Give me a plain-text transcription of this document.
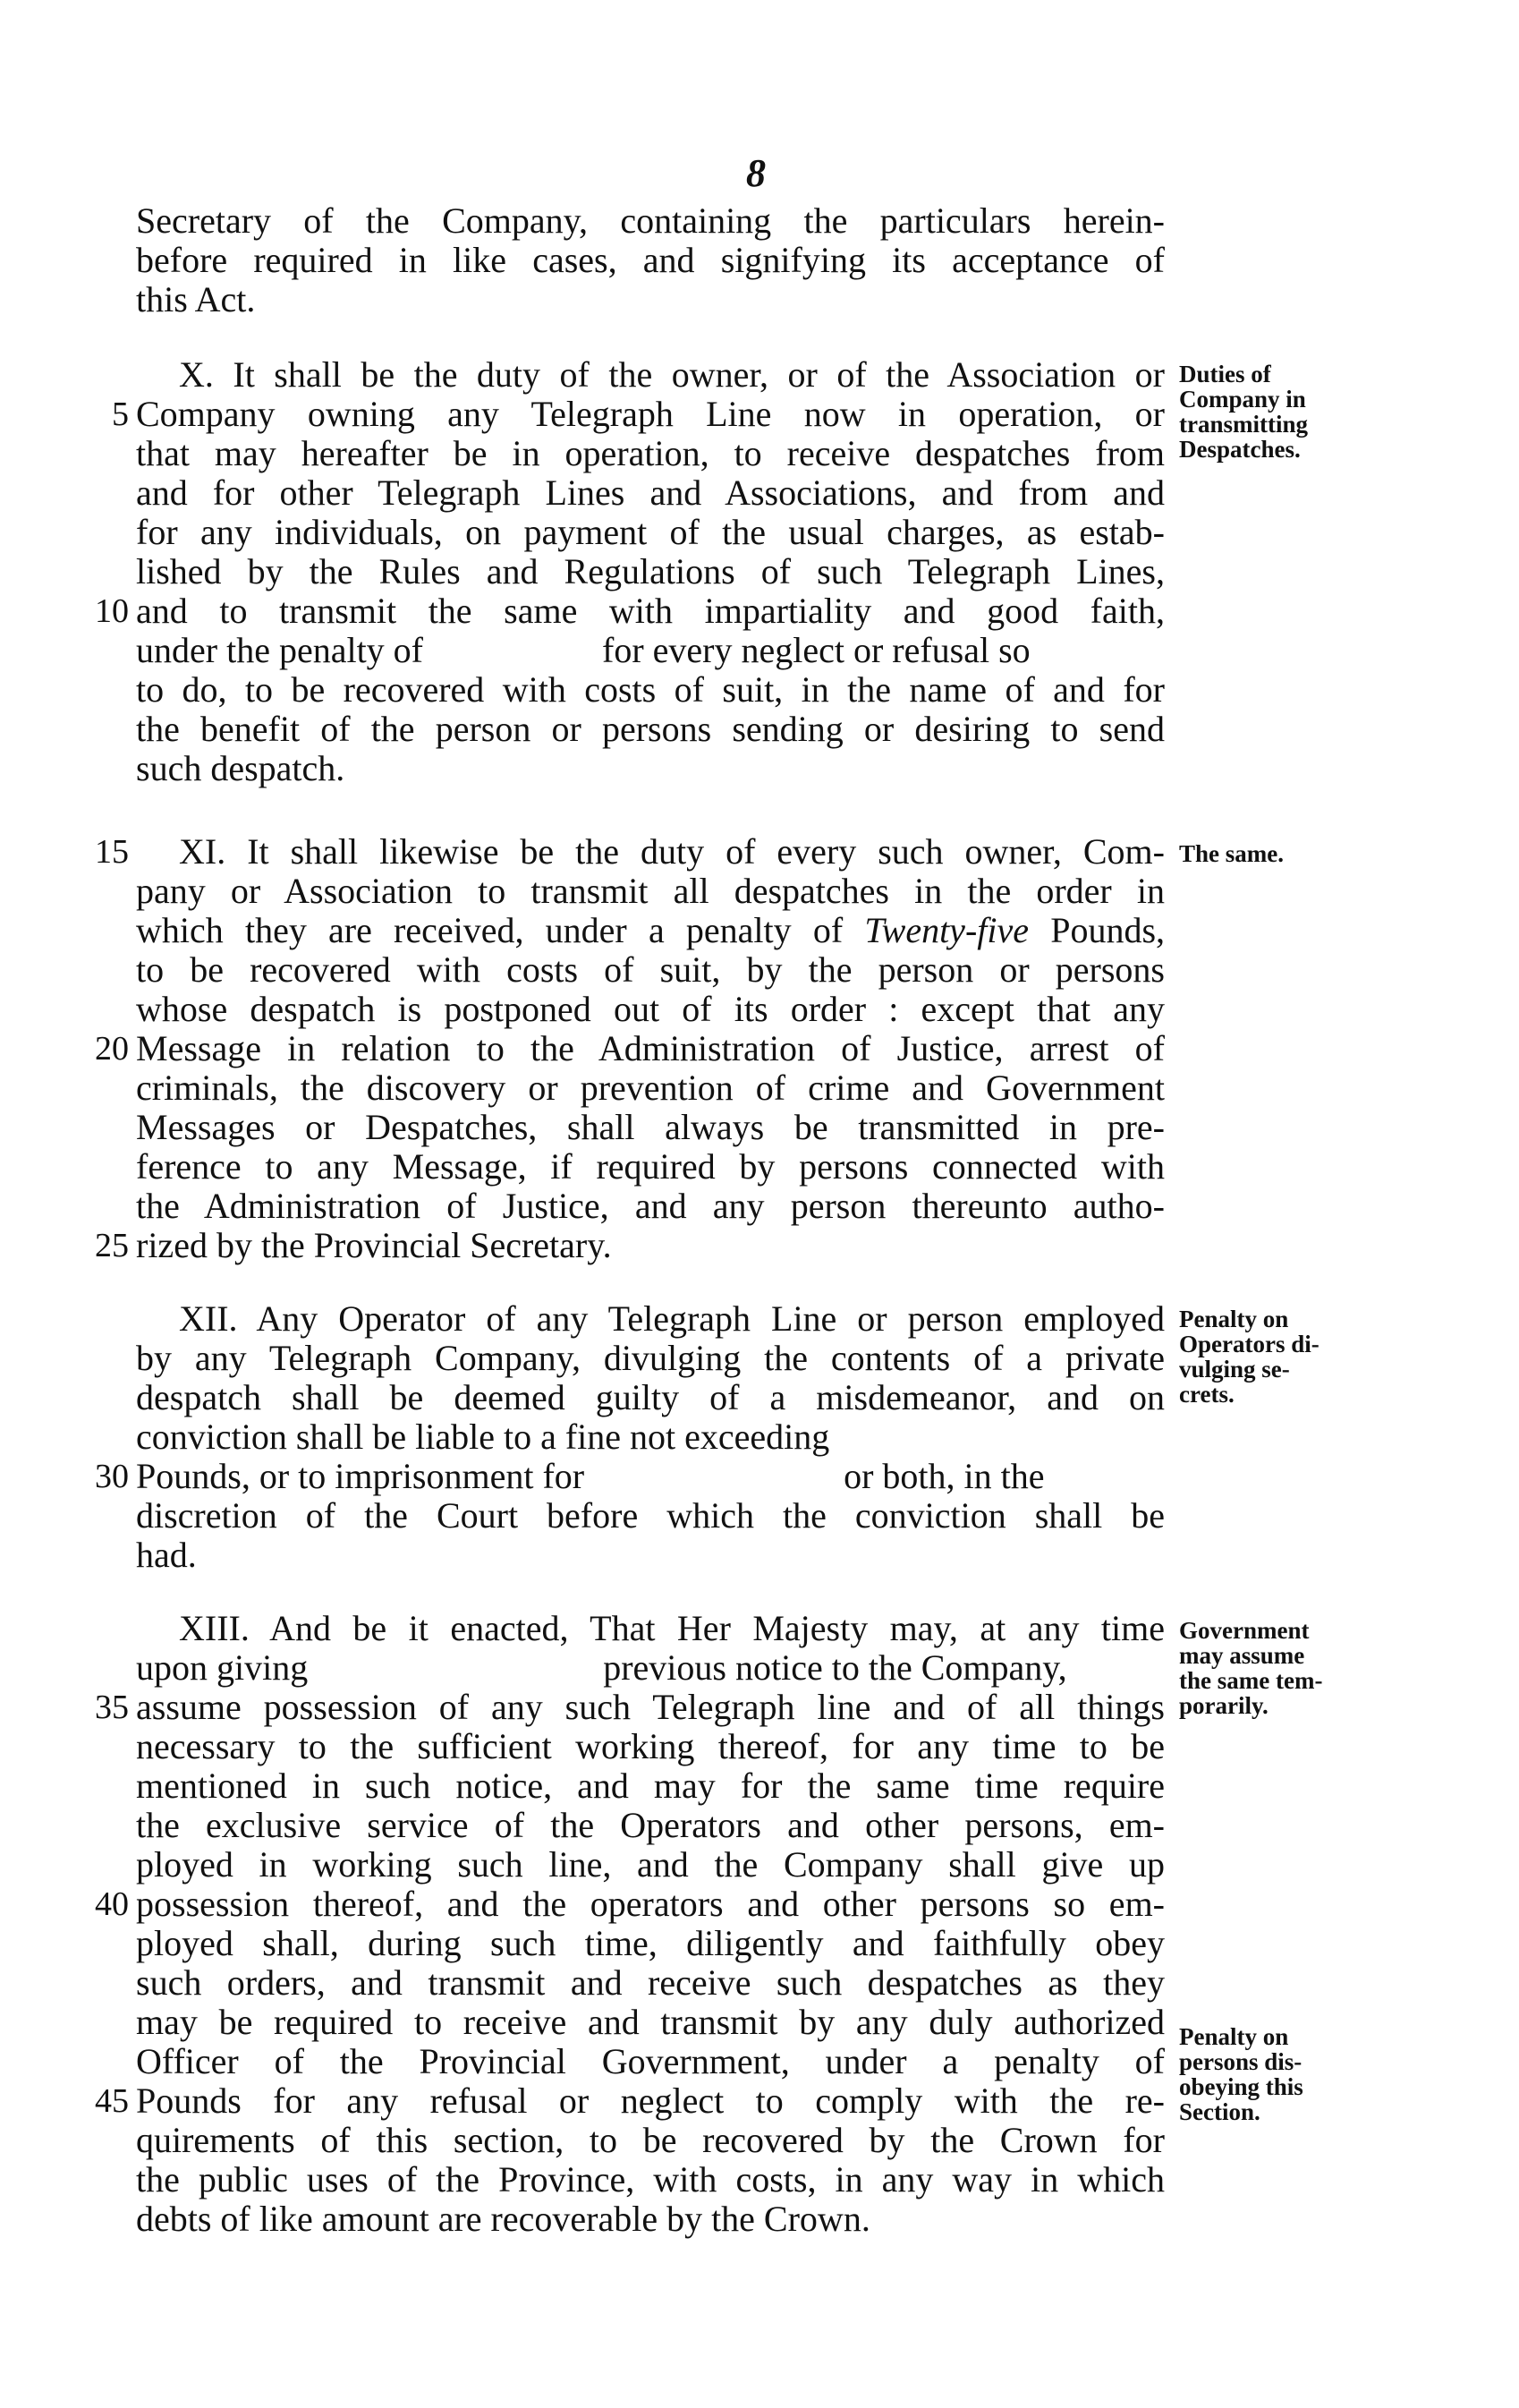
8
Secretary of the Company, containing the particulars herein-
before required in like cases, and signifying its acceptance of
this Act.
X. It shall be the duty of the owner, or of the Association or
5 Company owning any Telegraph Line now in operation, or
that may hereafter be in operation, to receive despatches from
and for other Telegraph Lines and Associations, and from and
for any individuals, on payment of the usual charges, as estab-
lished by the Rules and Regulations of such Telegraph Lines,
10 and to transmit the same with impartiality and good faith,
under the penalty of	for every neglect or refusal so
to do, to be recovered with costs of suit, in the name of and for
the benefit of the person or persons sending or desiring to send
such despatch.
15 XI. It shall likewise be the duty of every such owner, Com-
pany or Association to transmit all despatches in the order in
which they are received, under a penalty of Twenty-five Pounds,
to be recovered with costs of suit, by the person or persons
whose despatch is postponed out of its order : except that any
20 Message in relation to the Administration of Justice, arrest of
criminals, the discovery or prevention of crime and Government
Messages or Despatches, shall always be transmitted in pre-
ference to any Message, if required by persons connected with
the Administration of Justice, and any person thereunto autho-
25 rized by the Provincial Secretary.
XII. Any Operator of any Telegraph Line or person employed
by any Telegraph Company, divulging the contents of a private
despatch shall be deemed guilty of a misdemeanor, and on
conviction shall be liable to a fine not exceeding
30 Pounds, or to imprisonment for	or both, in the
discretion of the Court before which the conviction shall be
had.
XIII. And be it enacted, That Her Majesty may, at any time
upon giving	previous notice to the Company,
35 assume possession of any such Telegraph line and of all things
necessary to the sufficient working thereof, for any time to be
mentioned in such notice, and may for the same time require
the exclusive service of the Operators and other persons, em-
ployed in working such line, and the Company shall give up
40 possession thereof, and the operators and other persons so em-
ployed shall, during such time, diligently and faithfully obey
such orders, and transmit and receive such despatches as they
may be required to receive and transmit by any duly authorized
Officer of the Provincial Government, under a penalty of
45 Pounds for any refusal or neglect to comply with the re-
quirements of this section, to be recovered by the Crown for
the public uses of the Province, with costs, in any way in which
debts of like amount are recoverable by the Crown.
Duties of
Company in
transmitting
Despatches.
The same.
Penalty on
Operators di-
vulging se-
crets.
Government
may assume
the same tem-
porarily.
Penalty on
persons dis-
obeying this
Section.
